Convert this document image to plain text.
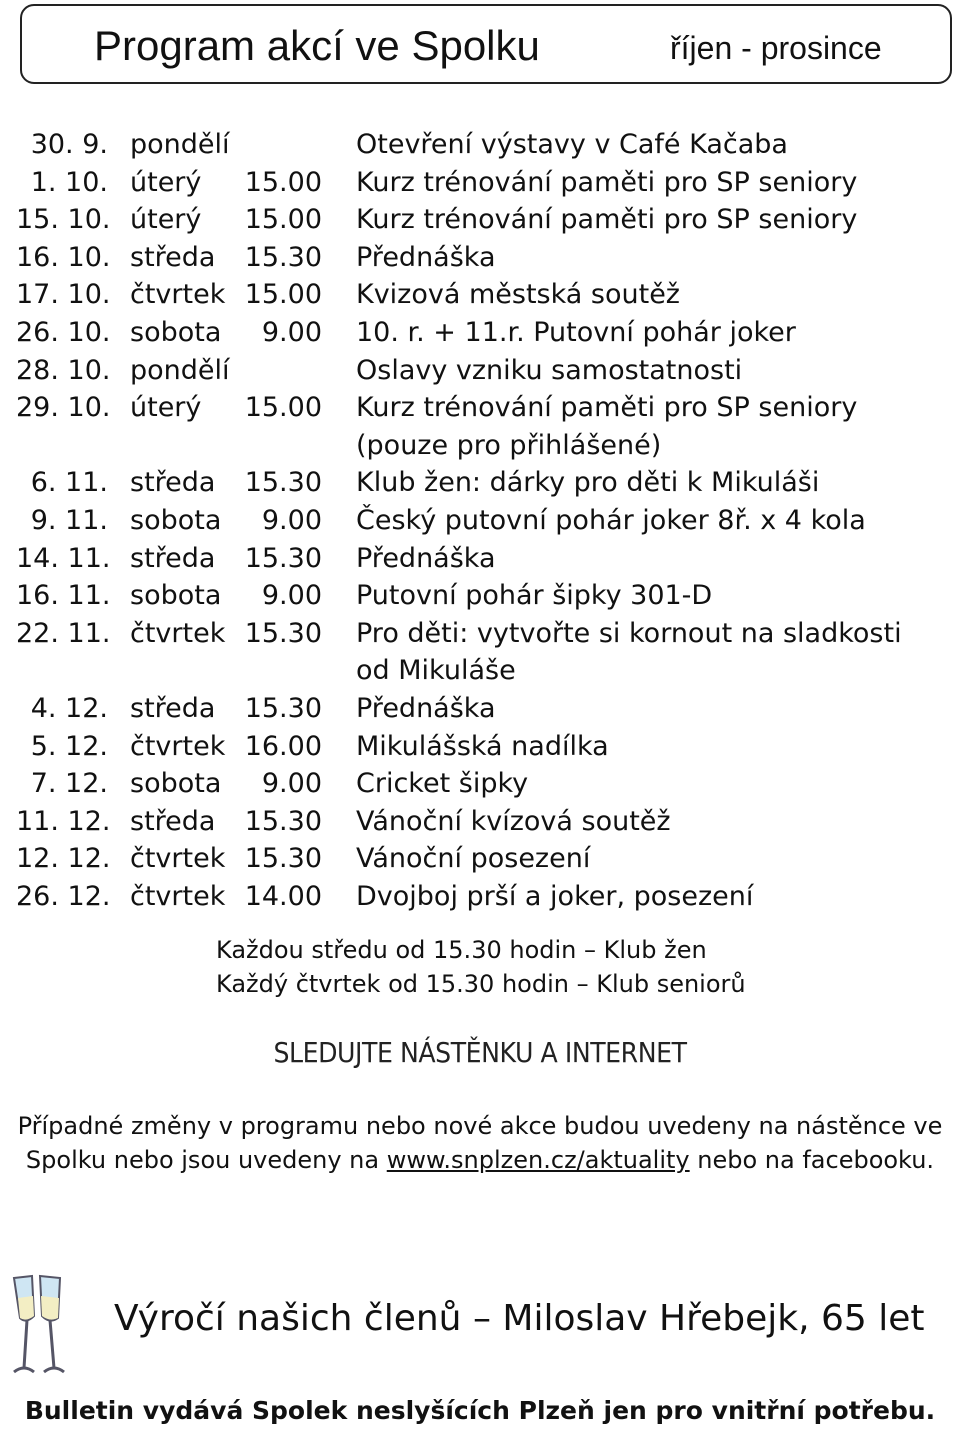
Program akcí ve Spolku	říjen - prosince
30. 9. pondělí	Otevření výstavy v Café Kačaba
1. 10. úterý	15.00 Kurz trénování paměti pro SP seniory
15. 10. úterý	15.00 Kurz trénování paměti pro SP seniory
16. 10. středa	15.30 Přednáška
17. 10. čtvrtek 15.00 Kvizová městská soutěž
26. 10. sobota	9.00 10. r. + 11.r. Putovní pohár joker
28. 10. pondělí	Oslavy vzniku samostatnosti
29. 10. úterý	15.00 Kurz trénování paměti pro SP seniory
(pouze pro přihlášené)
6. 11. středa	15.30 Klub žen: dárky pro děti k Mikuláši
9. 11. sobota	9.00 Český putovní pohár joker 8ř. x 4 kola
14. 11. středa	15.30 Přednáška
16. 11. sobota	9.00 Putovní pohár šipky 301-D
22. 11. čtvrtek 15.30 Pro děti: vytvořte si kornout na sladkosti
od Mikuláše
4. 12. středa	15.30 Přednáška
5. 12. čtvrtek 16.00 Mikulášská nadílka
7. 12. sobota	9.00 Cricket šipky
11. 12. středa	15.30 Vánoční kvízová soutěž
12. 12. čtvrtek 15.30 Vánoční posezení
26. 12. čtvrtek 14.00 Dvojboj prší a joker, posezení
Každou středu od 15.30 hodin – Klub žen
Každý čtvrtek od 15.30 hodin – Klub seniorů
SLEDUJTE NÁSTĚNKU A INTERNET
Případné změny v programu nebo nové akce budou uvedeny na nástěnce ve
Spolku nebo jsou uvedeny na www.snplzen.cz/aktuality nebo na facebooku.
Výročí našich členů – Miloslav Hřebejk, 65 let
Bulletin vydává Spolek neslyšících Plzeň jen pro vnitřní potřebu.
